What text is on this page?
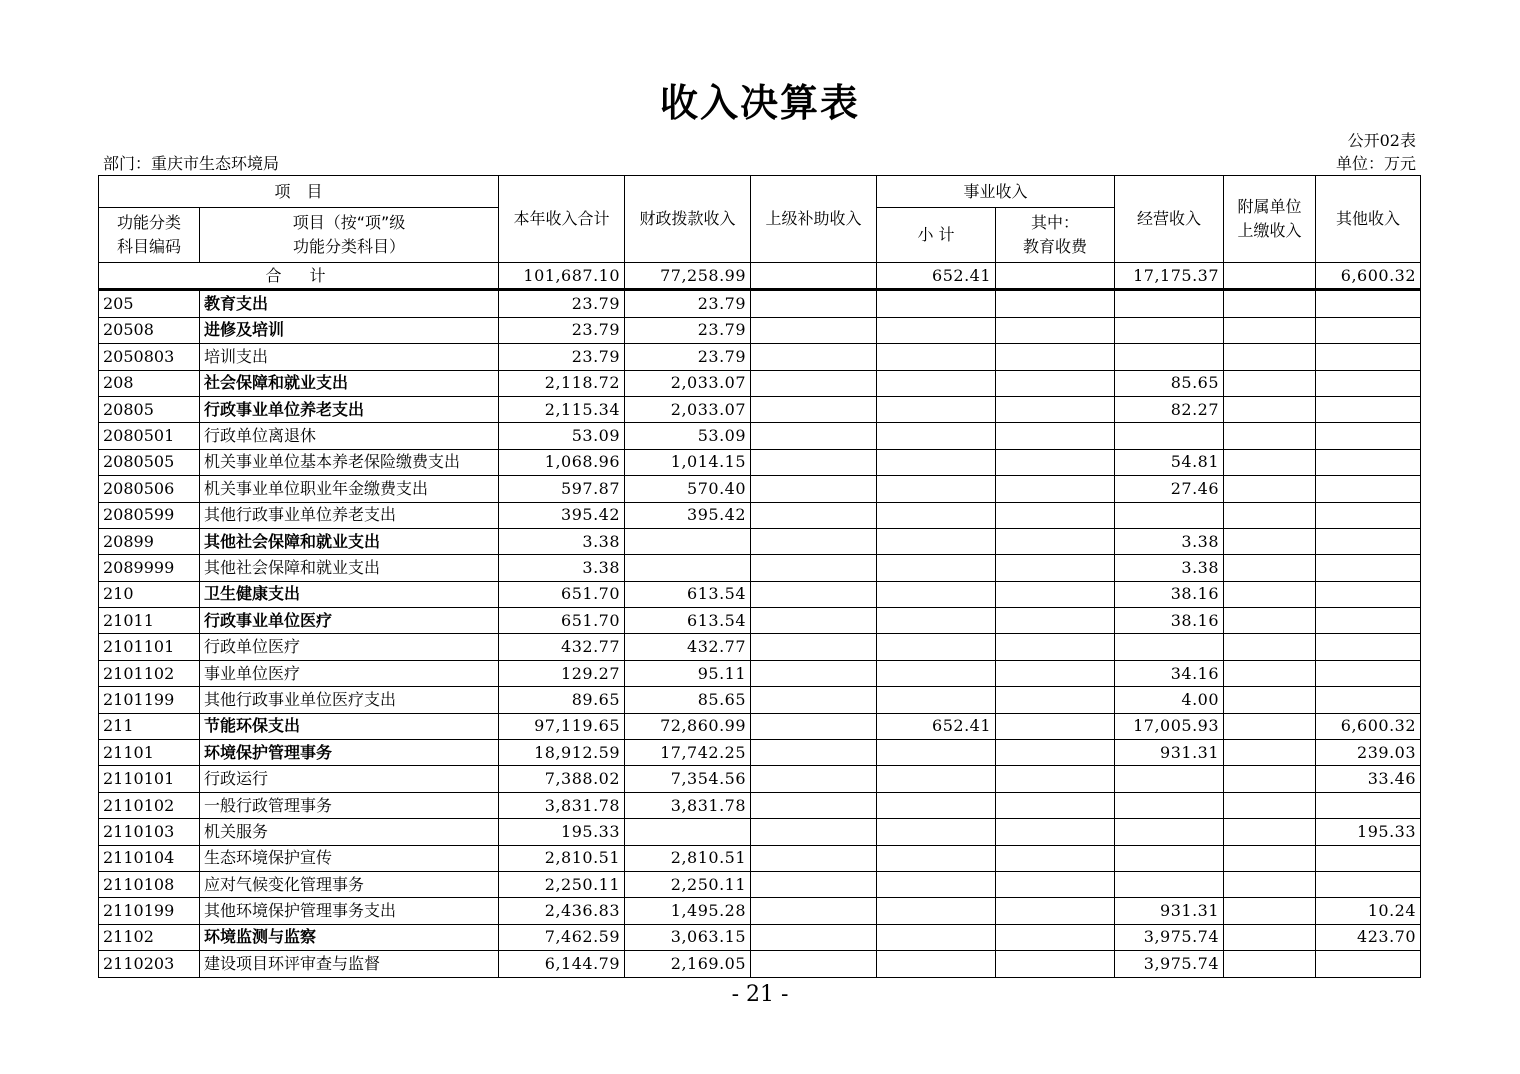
收入决算表
公开02表
部门：重庆市生态环境局	单位：万元
项　目		本年收入合计	财政拨款收入	上级补助收入	事业收入		经营收入	附属单位
上缴收入	其他收入
功能分类
科目编码	项目（按“项”级
功能分类科目）				小 计	其中：
教育收费			
合　计		101,687.10	77,258.99		652.41		17,175.37		6,600.32
205	教育支出	23.79	23.79						
20508	进修及培训	23.79	23.79						
2050803	培训支出	23.79	23.79						
208	社会保障和就业支出	2,118.72	2,033.07				85.65		
20805	行政事业单位养老支出	2,115.34	2,033.07				82.27		
2080501	行政单位离退休	53.09	53.09						
2080505	机关事业单位基本养老保险缴费支出	1,068.96	1,014.15				54.81		
2080506	机关事业单位职业年金缴费支出	597.87	570.40				27.46		
2080599	其他行政事业单位养老支出	395.42	395.42						
20899	其他社会保障和就业支出	3.38					3.38		
2089999	其他社会保障和就业支出	3.38					3.38		
210	卫生健康支出	651.70	613.54				38.16		
21011	行政事业单位医疗	651.70	613.54				38.16		
2101101	行政单位医疗	432.77	432.77						
2101102	事业单位医疗	129.27	95.11				34.16		
2101199	其他行政事业单位医疗支出	89.65	85.65				4.00		
211	节能环保支出	97,119.65	72,860.99		652.41		17,005.93		6,600.32
21101	环境保护管理事务	18,912.59	17,742.25				931.31		239.03
2110101	行政运行	7,388.02	7,354.56						33.46
2110102	一般行政管理事务	3,831.78	3,831.78						
2110103	机关服务	195.33							195.33
2110104	生态环境保护宣传	2,810.51	2,810.51						
2110108	应对气候变化管理事务	2,250.11	2,250.11						
2110199	其他环境保护管理事务支出	2,436.83	1,495.28				931.31		10.24
21102	环境监测与监察	7,462.59	3,063.15				3,975.74		423.70
2110203	建设项目环评审查与监督	6,144.79	2,169.05				3,975.74		
- 21 -
